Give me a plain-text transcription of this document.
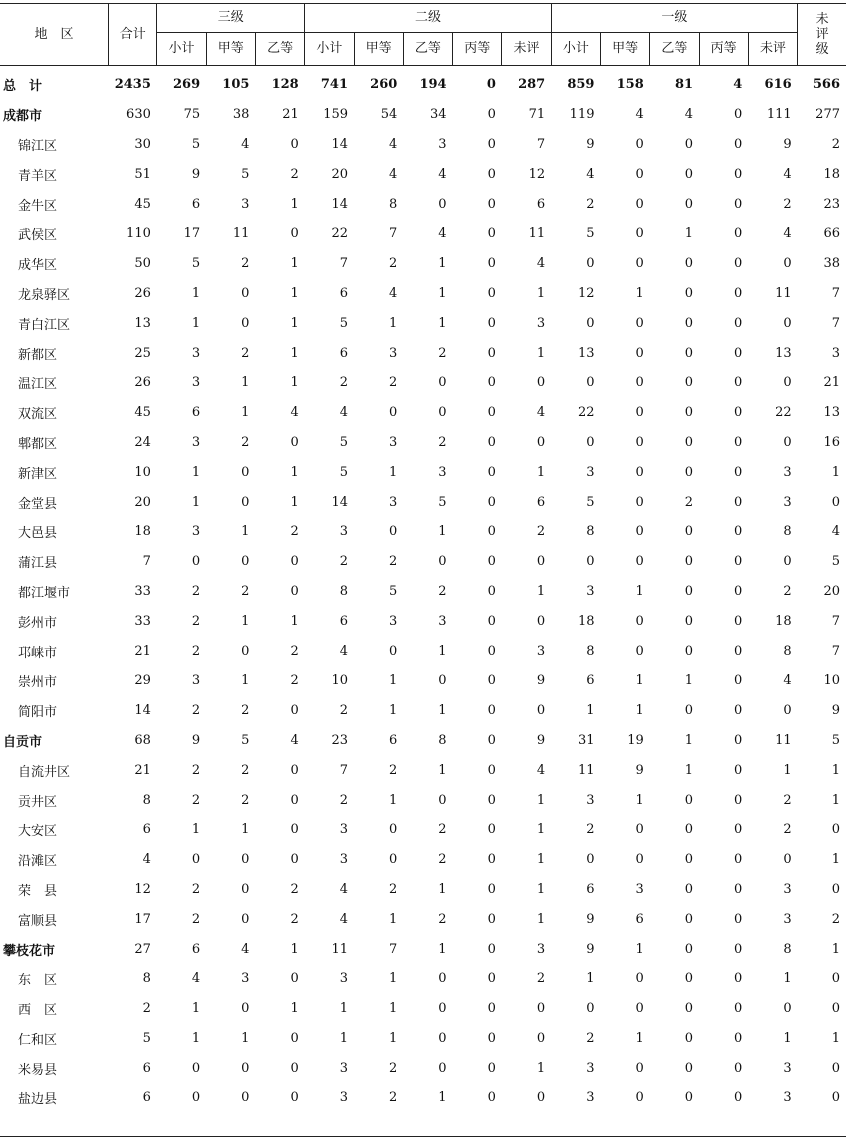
地　区	合计	三级			二级					一级					未评级

		小计	甲等	乙等	小计	甲等	乙等	丙等	未评	小计	甲等	乙等	丙等	未评	
总　计	2435	269	105	128	741	260	194	0	287	859	158	81	4	616	566
成都市	630	75	38	21	159	54	34	0	71	119	4	4	0	111	277
锦江区	30	5	4	0	14	4	3	0	7	9	0	0	0	9	2
青羊区	51	9	5	2	20	4	4	0	12	4	0	0	0	4	18
金牛区	45	6	3	1	14	8	0	0	6	2	0	0	0	2	23
武侯区	110	17	11	0	22	7	4	0	11	5	0	1	0	4	66
成华区	50	5	2	1	7	2	1	0	4	0	0	0	0	0	38
龙泉驿区	26	1	0	1	6	4	1	0	1	12	1	0	0	11	7
青白江区	13	1	0	1	5	1	1	0	3	0	0	0	0	0	7
新都区	25	3	2	1	6	3	2	0	1	13	0	0	0	13	3
温江区	26	3	1	1	2	2	0	0	0	0	0	0	0	0	21
双流区	45	6	1	4	4	0	0	0	4	22	0	0	0	22	13
郫都区	24	3	2	0	5	3	2	0	0	0	0	0	0	0	16
新津区	10	1	0	1	5	1	3	0	1	3	0	0	0	3	1
金堂县	20	1	0	1	14	3	5	0	6	5	0	2	0	3	0
大邑县	18	3	1	2	3	0	1	0	2	8	0	0	0	8	4
蒲江县	7	0	0	0	2	2	0	0	0	0	0	0	0	0	5
都江堰市	33	2	2	0	8	5	2	0	1	3	1	0	0	2	20
彭州市	33	2	1	1	6	3	3	0	0	18	0	0	0	18	7
邛崃市	21	2	0	2	4	0	1	0	3	8	0	0	0	8	7
崇州市	29	3	1	2	10	1	0	0	9	6	1	1	0	4	10
简阳市	14	2	2	0	2	1	1	0	0	1	1	0	0	0	9
自贡市	68	9	5	4	23	6	8	0	9	31	19	1	0	11	5
自流井区	21	2	2	0	7	2	1	0	4	11	9	1	0	1	1
贡井区	8	2	2	0	2	1	0	0	1	3	1	0	0	2	1
大安区	6	1	1	0	3	0	2	0	1	2	0	0	0	2	0
沿滩区	4	0	0	0	3	0	2	0	1	0	0	0	0	0	1
荣　县	12	2	0	2	4	2	1	0	1	6	3	0	0	3	0
富顺县	17	2	0	2	4	1	2	0	1	9	6	0	0	3	2
攀枝花市	27	6	4	1	11	7	1	0	3	9	1	0	0	8	1
东　区	8	4	3	0	3	1	0	0	2	1	0	0	0	1	0
西　区	2	1	0	1	1	1	0	0	0	0	0	0	0	0	0
仁和区	5	1	1	0	1	1	0	0	0	2	1	0	0	1	1
米易县	6	0	0	0	3	2	0	0	1	3	0	0	0	3	0
盐边县	6	0	0	0	3	2	1	0	0	3	0	0	0	3	0
